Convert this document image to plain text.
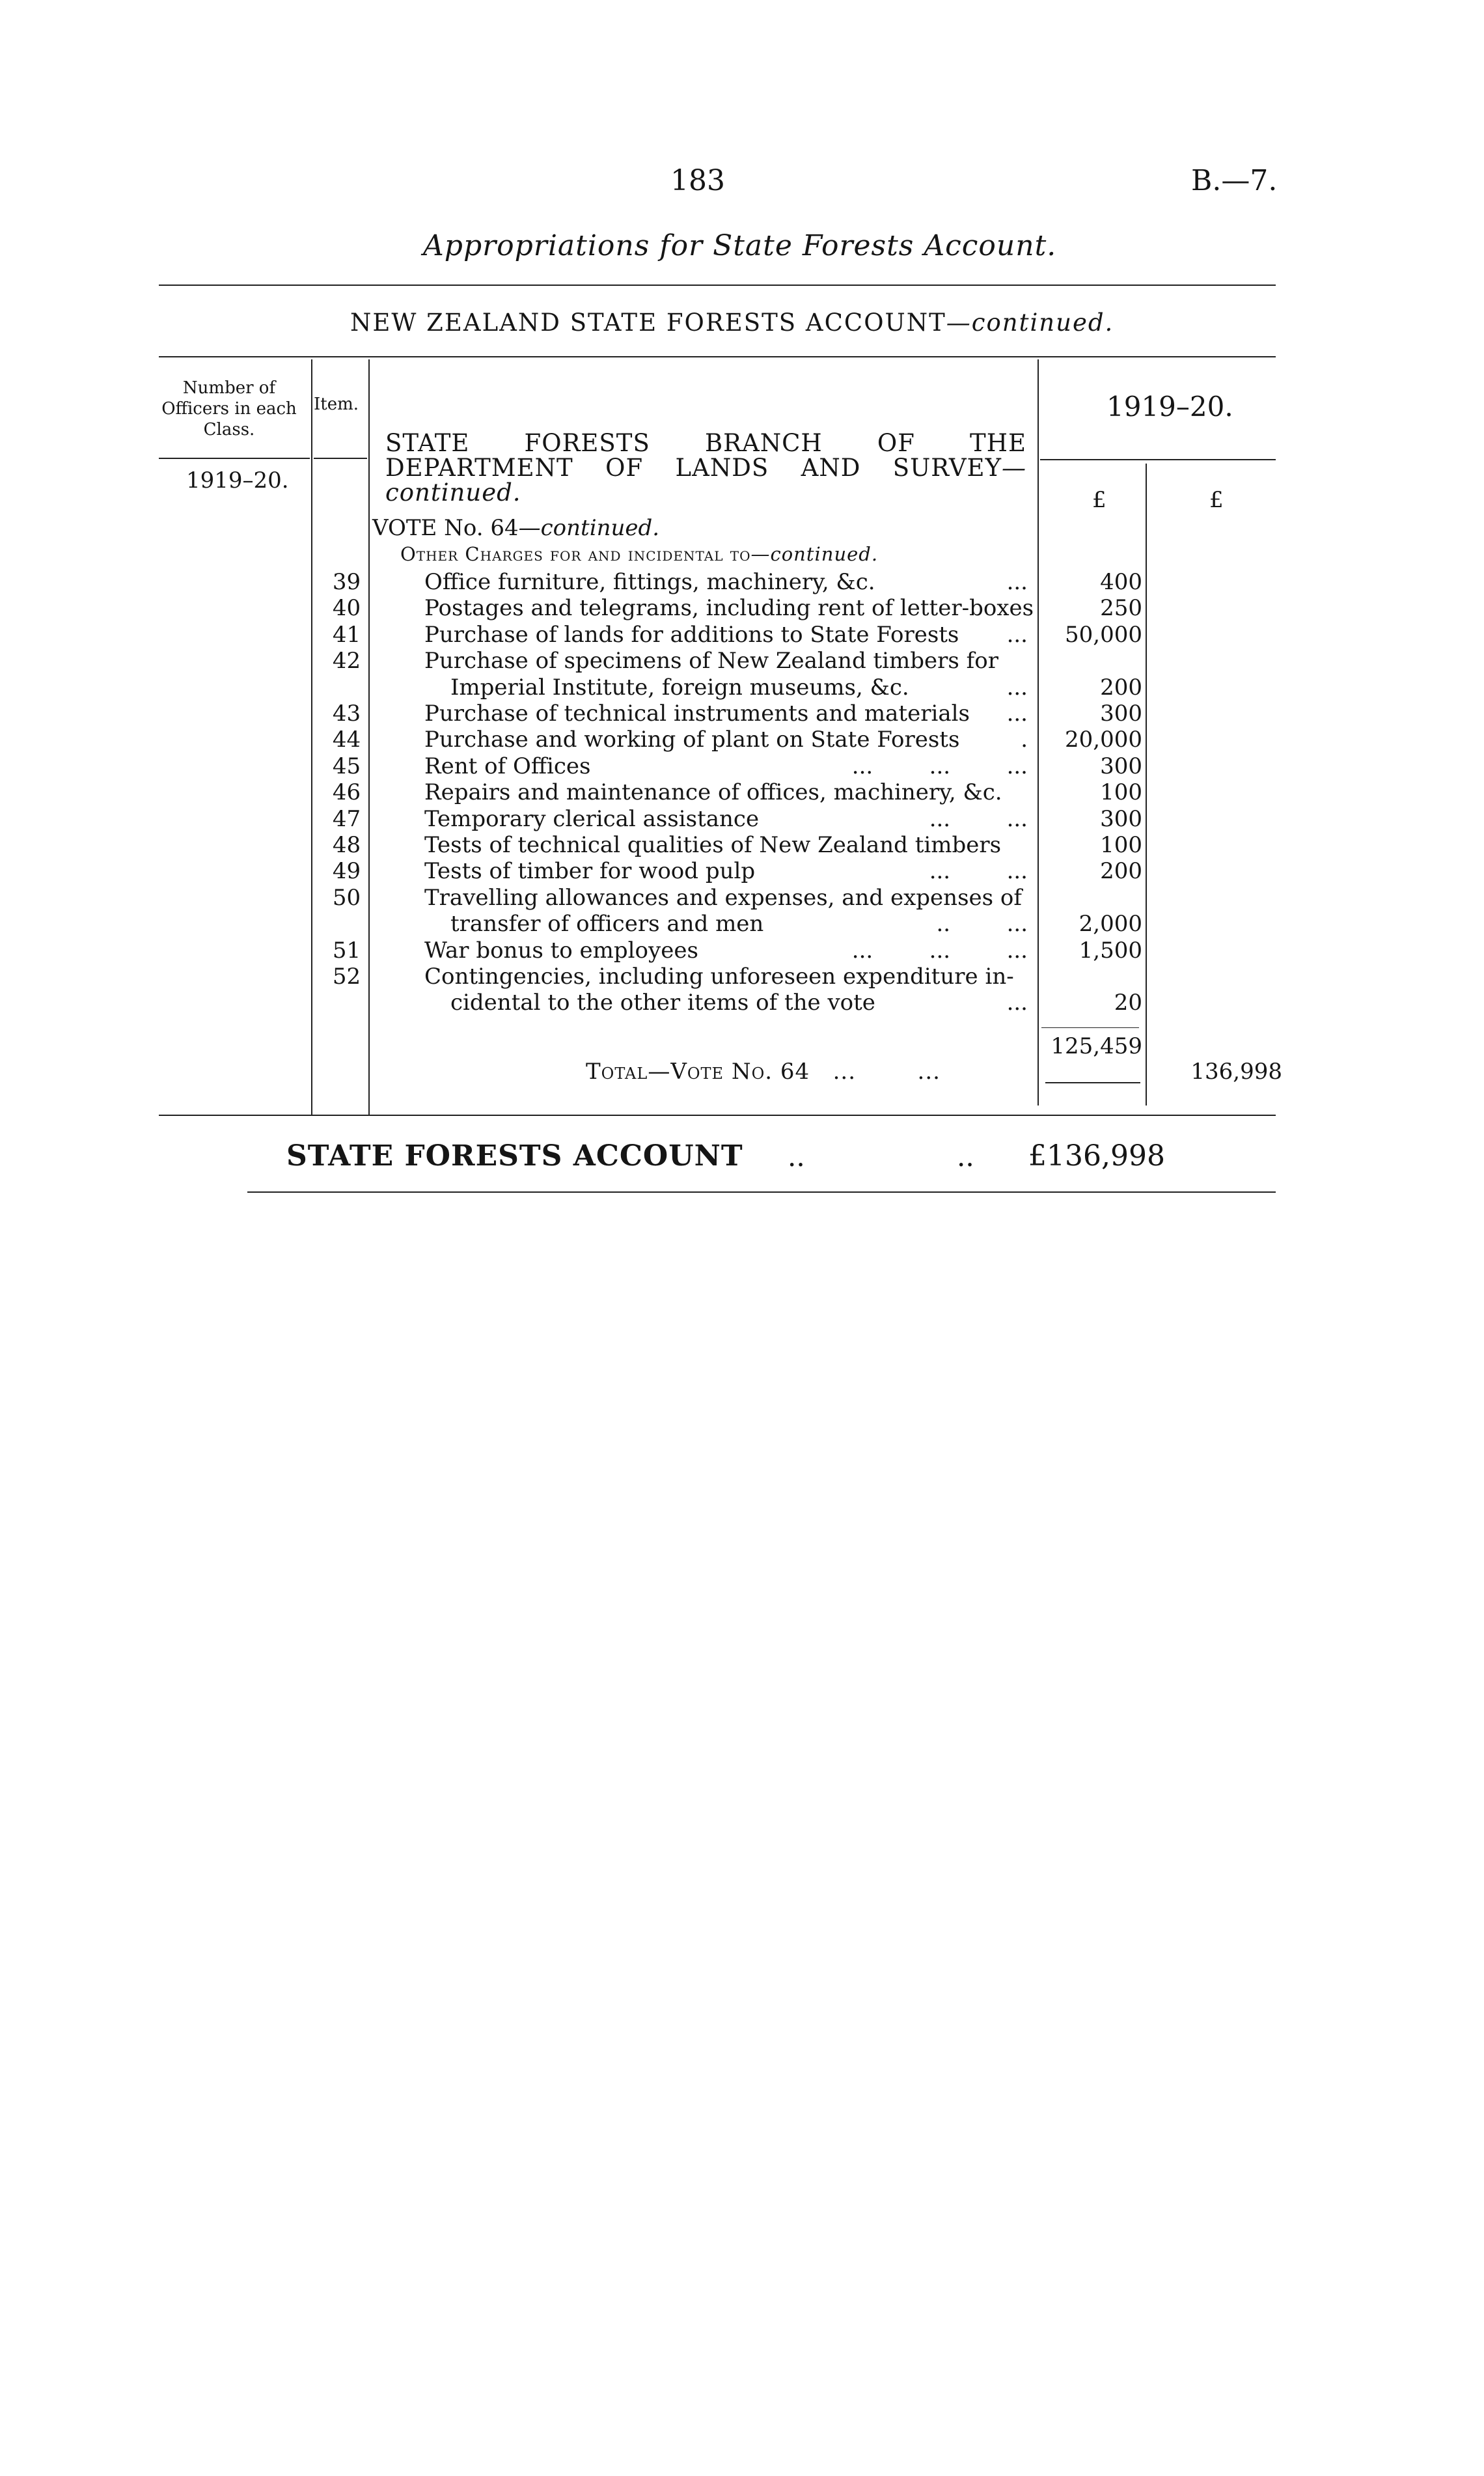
183	B.—7.
Appropriations for State Forests Account.
NEW ZEALAND STATE FORESTS ACCOUNT—continued.
Number of Officers in each Class.
Item.	1919–20.
1919–20.
STATE FORESTS BRANCH OF THE DEPARTMENT OF LANDS AND SURVEY—continued.	£	£
VOTE No. 64—continued.
Other Charges for and incidental to—continued.
39	Office furniture, fittings, machinery, &c.	...	400
40	Postages and telegrams, including rent of letter-boxes	250
41	Purchase of lands for additions to State Forests ...	50,000
42	Purchase of specimens of New Zealand timbers for
Imperial Institute, foreign museums, &c.	...	200
43	Purchase of technical instruments and materials ...	300
44	Purchase and working of plant on State Forests	.	20,000
45	Rent of Offices	...        ...        ...	300
46	Repairs and maintenance of offices, machinery, &c.	100
47	Temporary clerical assistance	...        ...	300
48	Tests of technical qualities of New Zealand timbers	100
49	Tests of timber for wood pulp	...        ...	200
50	Travelling allowances and expenses, and expenses of
transfer of officers and men	..        ...	2,000
51	War bonus to employees	...        ...        ...	1,500
52	Contingencies, including unforeseen expenditure in-
cidental to the other items of the vote	...	20
125,459
Total—Vote No. 64 ...        ...	136,998
STATE FORESTS ACCOUNT ..	.. £136,998
